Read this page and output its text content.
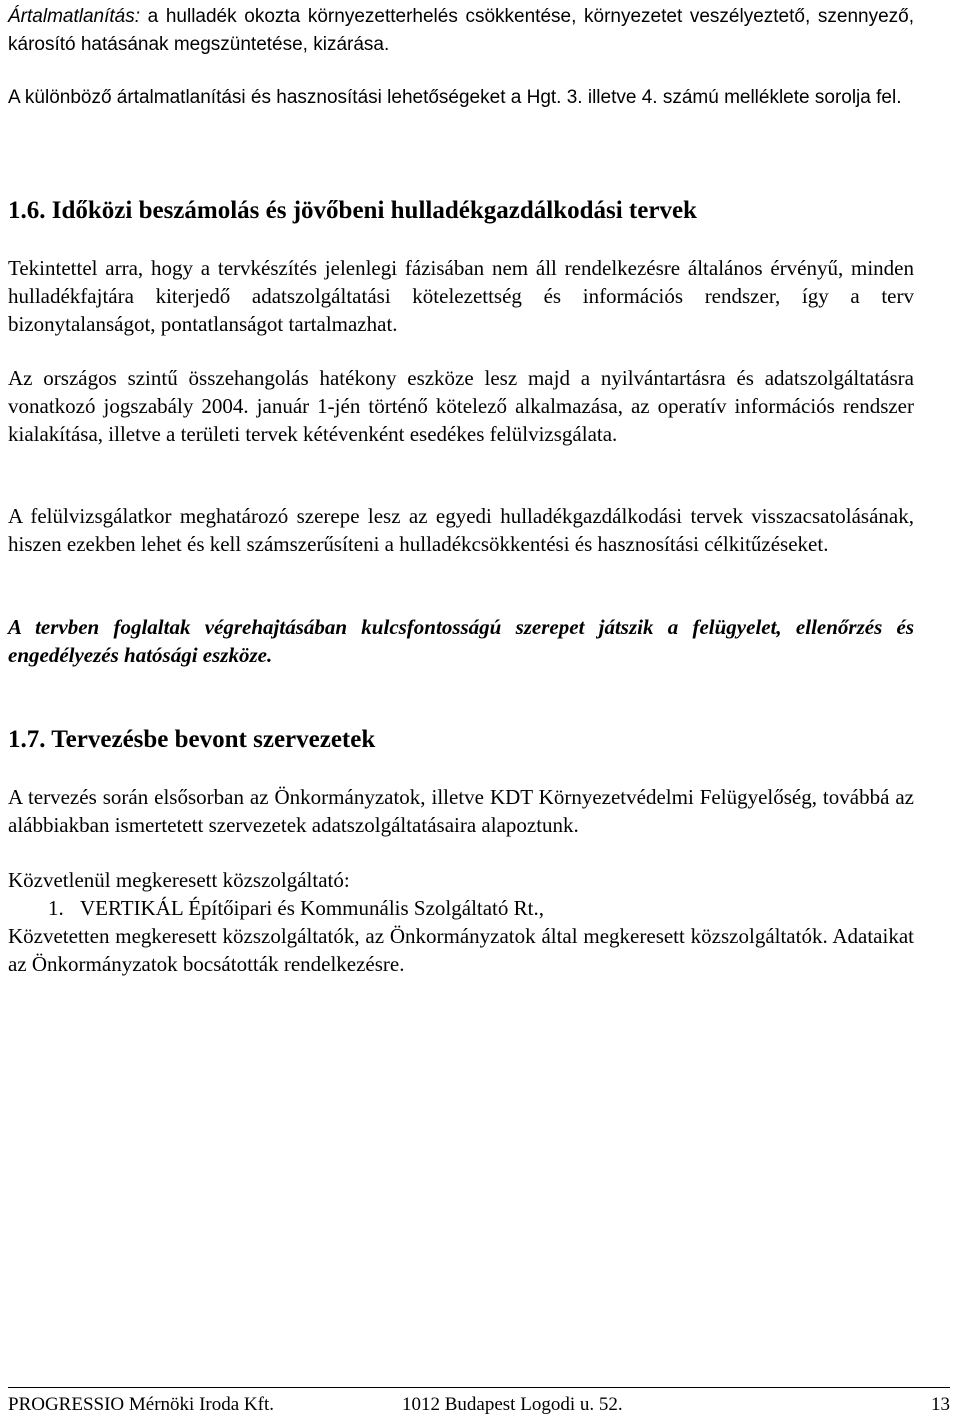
Ártalmatlanítás: a hulladék okozta környezetterhelés csökkentése, környezetet veszélyeztető, szennyező, károsító hatásának megszüntetése, kizárása.

A különböző ártalmatlanítási és hasznosítási lehetőségeket a Hgt. 3. illetve 4. számú melléklete sorolja fel.

1.6. Időközi beszámolás és jövőbeni hulladékgazdálkodási tervek

Tekintettel arra, hogy a tervkészítés jelenlegi fázisában nem áll rendelkezésre általános érvényű, minden hulladékfajtára kiterjedő adatszolgáltatási kötelezettség és információs rendszer, így a terv bizonytalanságot, pontatlanságot tartalmazhat.

Az országos szintű összehangolás hatékony eszköze lesz majd a nyilvántartásra és adatszolgáltatásra vonatkozó jogszabály 2004. január 1-jén történő kötelező alkalmazása, az operatív információs rendszer kialakítása, illetve a területi tervek kétévenként esedékes felülvizsgálata.

A felülvizsgálatkor meghatározó szerepe lesz az egyedi hulladékgazdálkodási tervek visszacsatolásának, hiszen ezekben lehet és kell számszerűsíteni a hulladékcsökkentési és hasznosítási célkitűzéseket.

A tervben foglaltak végrehajtásában kulcsfontosságú szerepet játszik a felügyelet, ellenőrzés és engedélyezés hatósági eszköze.

1.7. Tervezésbe bevont szervezetek

A tervezés során elsősorban az Önkormányzatok, illetve KDT Környezetvédelmi Felügyelőség, továbbá az alábbiakban ismertetett szervezetek adatszolgáltatásaira alapoztunk.

Közvetlenül megkeresett közszolgáltató:

1. VERTIKÁL Építőipari és Kommunális Szolgáltató Rt.,

Közvetetten megkeresett közszolgáltatók, az Önkormányzatok által megkeresett közszolgáltatók. Adataikat az Önkormányzatok bocsátották rendelkezésre.

PROGRESSIO Mérnöki Iroda Kft.	1012 Budapest Logodi u. 52.	13
